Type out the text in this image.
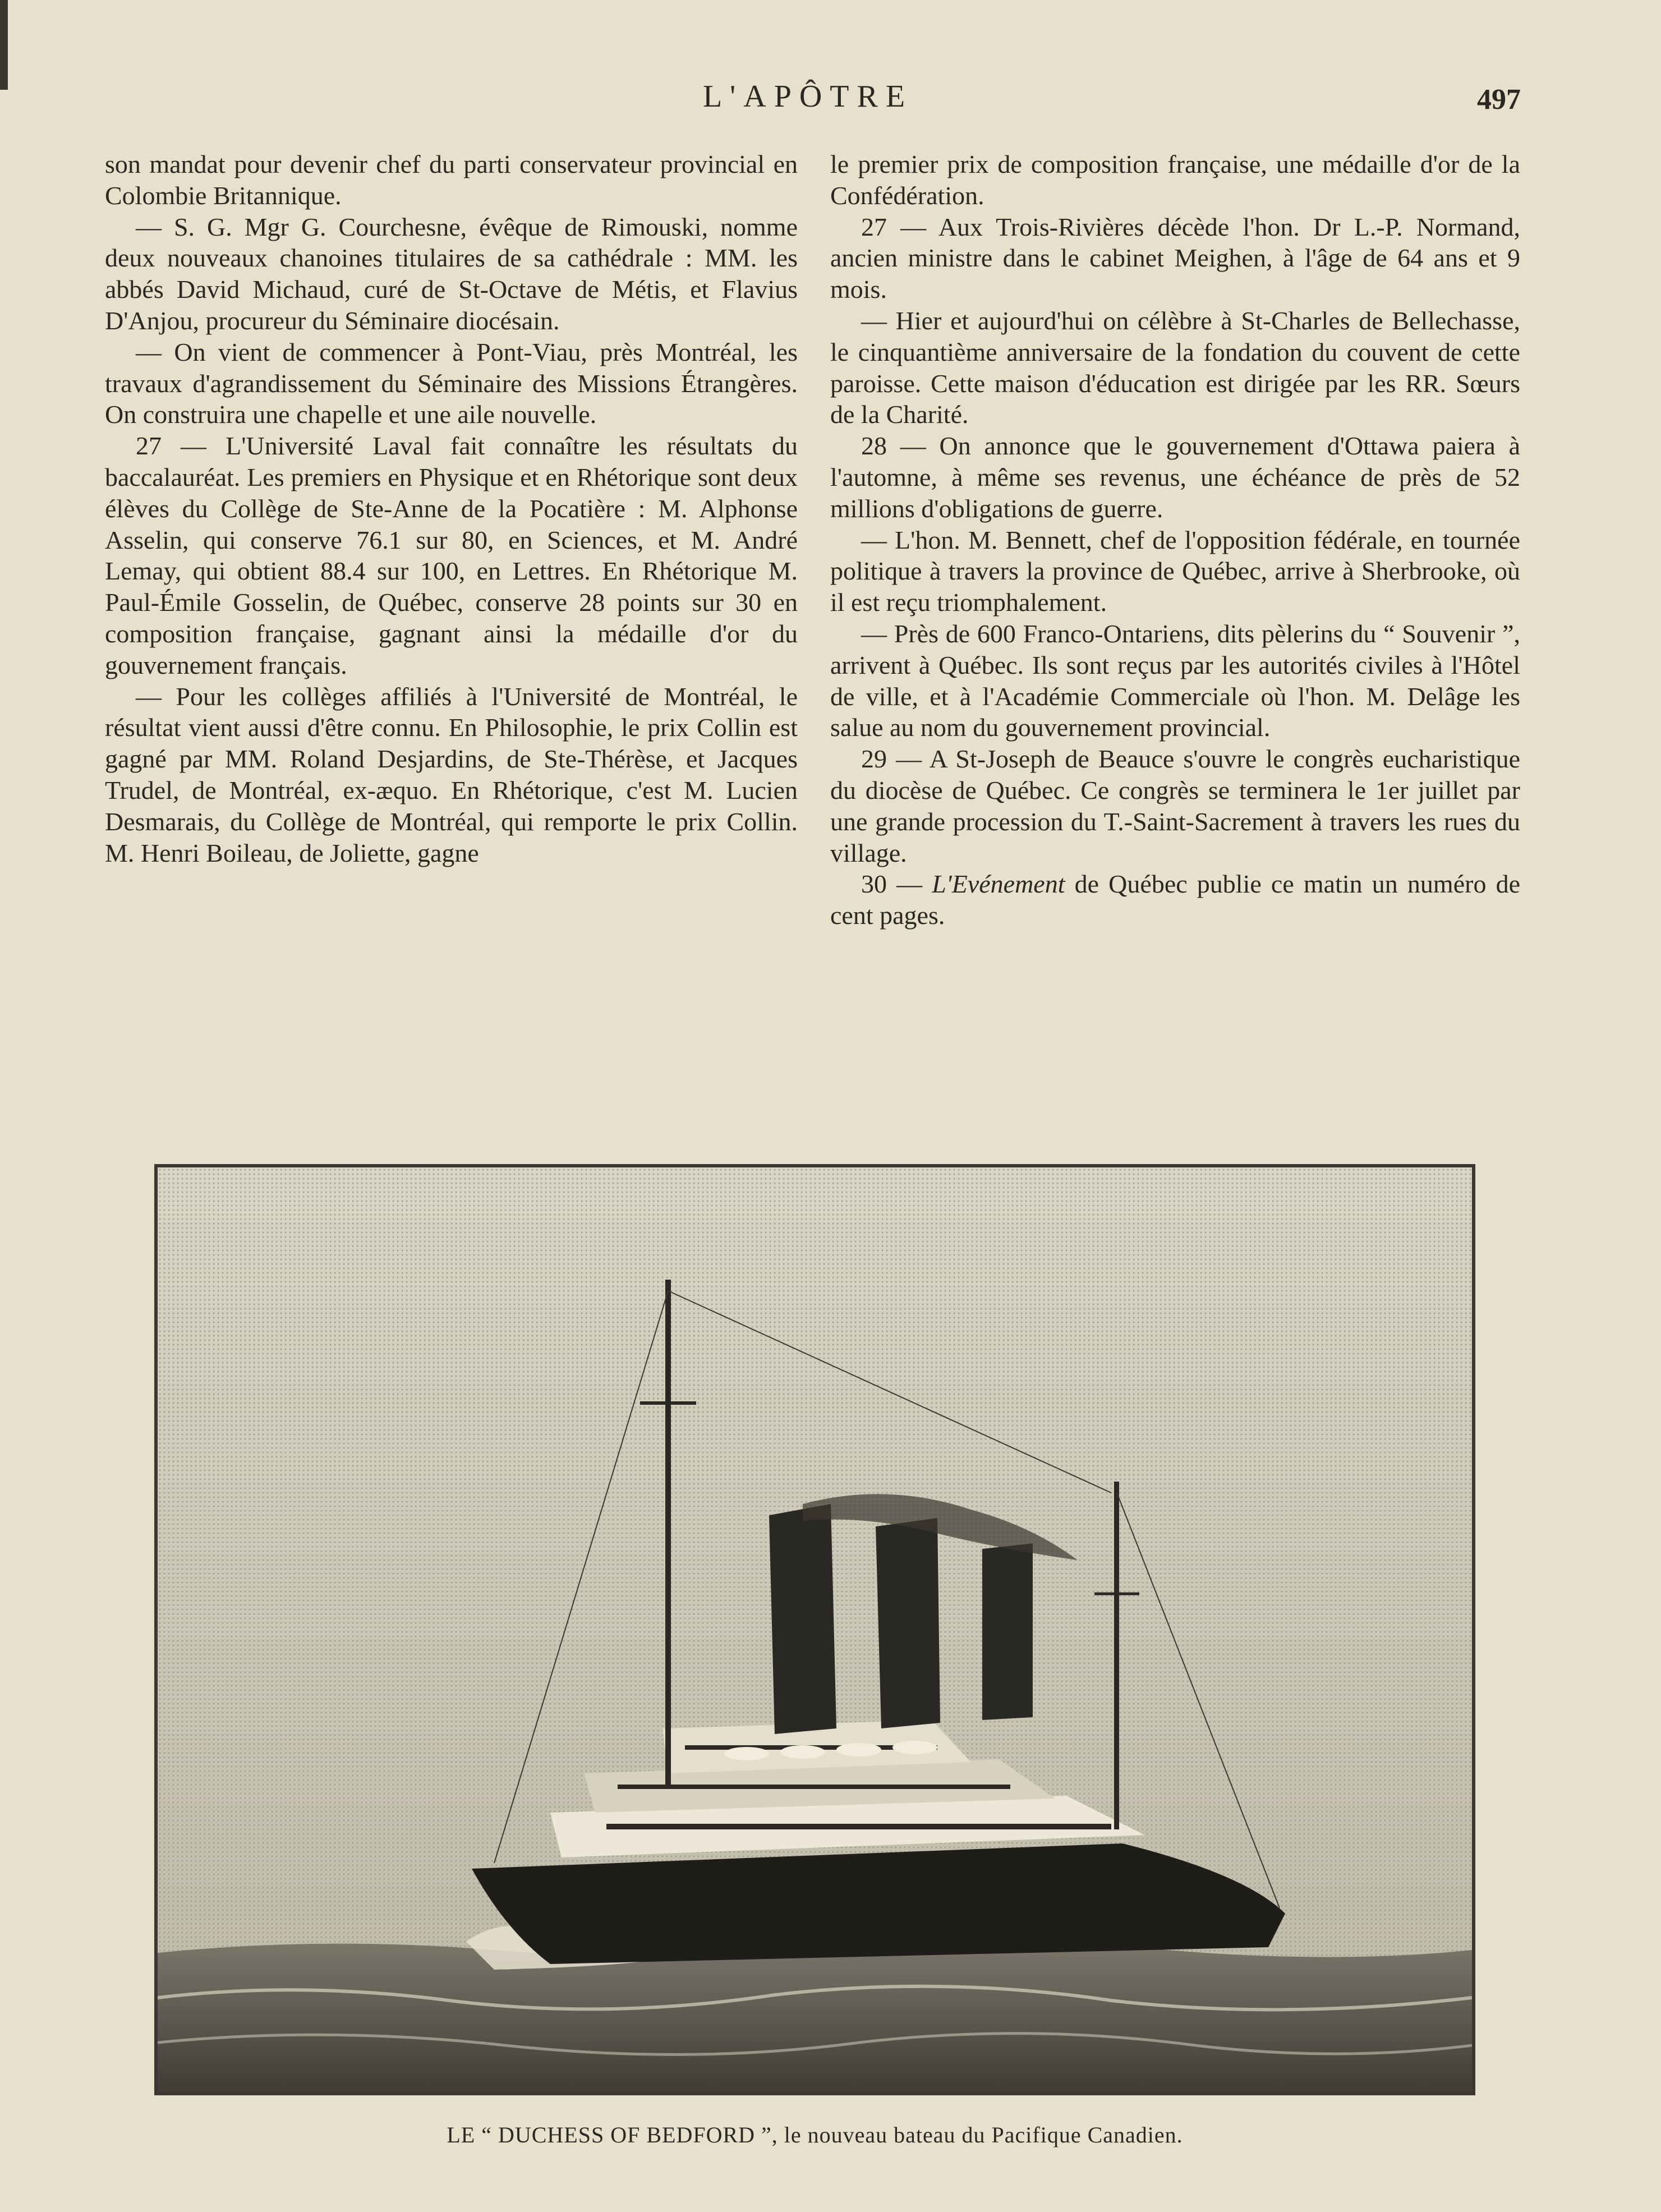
L'APÔTRE	497

son mandat pour devenir chef du parti conservateur provincial en Colombie Britannique.

— S. G. Mgr G. Courchesne, évêque de Rimouski, nomme deux nouveaux chanoines titulaires de sa cathédrale : MM. les abbés David Michaud, curé de St-Octave de Métis, et Flavius D'Anjou, procureur du Séminaire diocésain.

— On vient de commencer à Pont-Viau, près Montréal, les travaux d'agrandissement du Séminaire des Missions Étrangères. On construira une chapelle et une aile nouvelle.

27 — L'Université Laval fait connaître les résultats du baccalauréat. Les premiers en Physique et en Rhétorique sont deux élèves du Collège de Ste-Anne de la Pocatière : M. Alphonse Asselin, qui conserve 76.1 sur 80, en Sciences, et M. André Lemay, qui obtient 88.4 sur 100, en Lettres. En Rhétorique M. Paul-Émile Gosselin, de Québec, conserve 28 points sur 30 en composition française, gagnant ainsi la médaille d'or du gouvernement français.

— Pour les collèges affiliés à l'Université de Montréal, le résultat vient aussi d'être connu. En Philosophie, le prix Collin est gagné par MM. Roland Desjardins, de Ste-Thérèse, et Jacques Trudel, de Montréal, ex-æquo. En Rhétorique, c'est M. Lucien Desmarais, du Collège de Montréal, qui remporte le prix Collin. M. Henri Boileau, de Joliette, gagne

le premier prix de composition française, une médaille d'or de la Confédération.

27 — Aux Trois-Rivières décède l'hon. Dr L.-P. Normand, ancien ministre dans le cabinet Meighen, à l'âge de 64 ans et 9 mois.

— Hier et aujourd'hui on célèbre à St-Charles de Bellechasse, le cinquantième anniversaire de la fondation du couvent de cette paroisse. Cette maison d'éducation est dirigée par les RR. Sœurs de la Charité.

28 — On annonce que le gouvernement d'Ottawa paiera à l'automne, à même ses revenus, une échéance de près de 52 millions d'obligations de guerre.

— L'hon. M. Bennett, chef de l'opposition fédérale, en tournée politique à travers la province de Québec, arrive à Sherbrooke, où il est reçu triomphalement.

— Près de 600 Franco-Ontariens, dits pèlerins du “ Souvenir ”, arrivent à Québec. Ils sont reçus par les autorités civiles à l'Hôtel de ville, et à l'Académie Commerciale où l'hon. M. Delâge les salue au nom du gouvernement provincial.

29 — A St-Joseph de Beauce s'ouvre le congrès eucharistique du diocèse de Québec. Ce congrès se terminera le 1er juillet par une grande procession du T.-Saint-Sacrement à travers les rues du village.

30 — L'Evénement de Québec publie ce matin un numéro de cent pages.

LE “ DUCHESS OF BEDFORD ”, le nouveau bateau du Pacifique Canadien.
